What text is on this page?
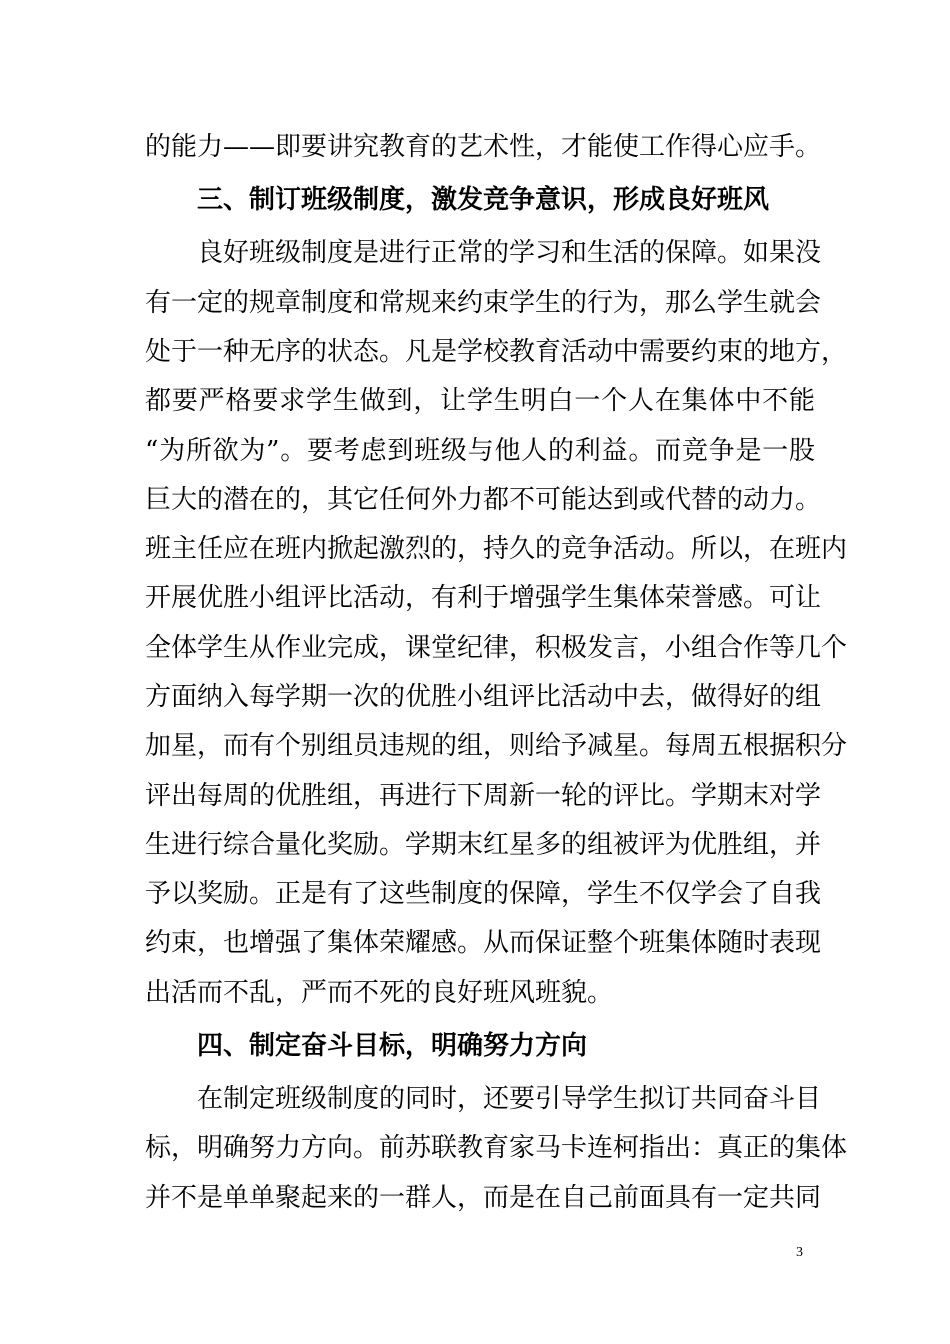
的能力——即要讲究教育的艺术性，才能使工作得心应手。
三、制订班级制度，激发竞争意识，形成良好班风
良好班级制度是进行正常的学习和生活的保障。如果没
有一定的规章制度和常规来约束学生的行为，那么学生就会
处于一种无序的状态。凡是学校教育活动中需要约束的地方，
都要严格要求学生做到，让学生明白一个人在集体中不能
“为所欲为”。要考虑到班级与他人的利益。而竞争是一股
巨大的潜在的，其它任何外力都不可能达到或代替的动力。
班主任应在班内掀起激烈的，持久的竞争活动。所以，在班内
开展优胜小组评比活动，有利于增强学生集体荣誉感。可让
全体学生从作业完成，课堂纪律，积极发言，小组合作等几个
方面纳入每学期一次的优胜小组评比活动中去，做得好的组
加星，而有个别组员违规的组，则给予减星。每周五根据积分
评出每周的优胜组，再进行下周新一轮的评比。学期末对学
生进行综合量化奖励。学期末红星多的组被评为优胜组，并
予以奖励。正是有了这些制度的保障，学生不仅学会了自我
约束，也增强了集体荣耀感。从而保证整个班集体随时表现
出活而不乱，严而不死的良好班风班貌。
四、制定奋斗目标，明确努力方向
在制定班级制度的同时，还要引导学生拟订共同奋斗目
标，明确努力方向。前苏联教育家马卡连柯指出：真正的集体
并不是单单聚起来的一群人，而是在自己前面具有一定共同
3
